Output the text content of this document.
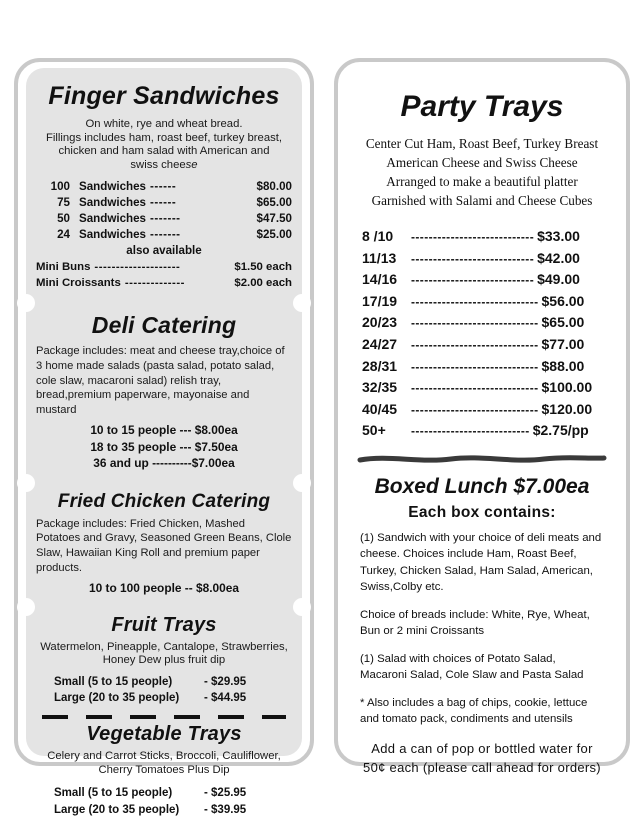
Finger Sandwiches

On white, rye and wheat bread.
Fillings includes ham, roast beef, turkey breast,
chicken and ham salad with American and
swiss cheese

100 Sandwiches ------	$80.00
75 Sandwiches ------	$65.00
50 Sandwiches -------	$47.50
24 Sandwiches -------	$25.00
also available
Mini Buns --------------------	$1.50 each
Mini Croissants --------------	$2.00 each
Deli Catering

Package includes: meat and cheese tray,choice of 3 home made salads (pasta salad, potato salad, cole slaw, macaroni salad) relish tray, bread,premium paperware, mayonaise and mustard

10 to 15 people --- $8.00ea
18 to 35 people --- $7.50ea
36 and up ----------$7.00ea
Fried Chicken Catering

Package includes: Fried Chicken, Mashed Potatoes and Gravy, Seasoned Green Beans, Clole Slaw, Hawaiian King Roll and premium paper products.

10 to 100 people -- $8.00ea
Fruit Trays

Watermelon, Pineapple, Cantalope, Strawberries,
Honey Dew plus fruit dip

Small (5 to 15 people)	- $29.95
Large (20 to 35 people)	- $44.95
Vegetable Trays

Celery and Carrot Sticks, Broccoli, Cauliflower,
Cherry Tomatoes Plus Dip

Small (5 to 15 people)	- $25.95
Large (20 to 35 people)	- $39.95
Party Trays

Center Cut Ham, Roast Beef, Turkey Breast
American Cheese and Swiss Cheese
Arranged to make a beautiful platter
Garnished with Salami and Cheese Cubes

8 /10	---------------------------- $33.00
11/13	---------------------------- $42.00
14/16	---------------------------- $49.00
17/19	----------------------------- $56.00
20/23	----------------------------- $65.00
24/27	----------------------------- $77.00
28/31	----------------------------- $88.00
32/35	----------------------------- $100.00
40/45	----------------------------- $120.00
50+	--------------------------- $2.75/pp
Boxed Lunch $7.00ea
Each box contains:

(1) Sandwich with your choice of deli meats and cheese. Choices include Ham, Roast Beef, Turkey, Chicken Salad, Ham Salad, American, Swiss,Colby etc.

Choice of breads include: White, Rye, Wheat, Bun or 2 mini Croissants

(1) Salad with choices of Potato Salad, Macaroni Salad, Cole Slaw and Pasta Salad

* Also includes a bag of chips, cookie, lettuce and tomato pack, condiments and utensils

Add a can of pop or bottled water for
50¢ each (please call ahead for orders)
